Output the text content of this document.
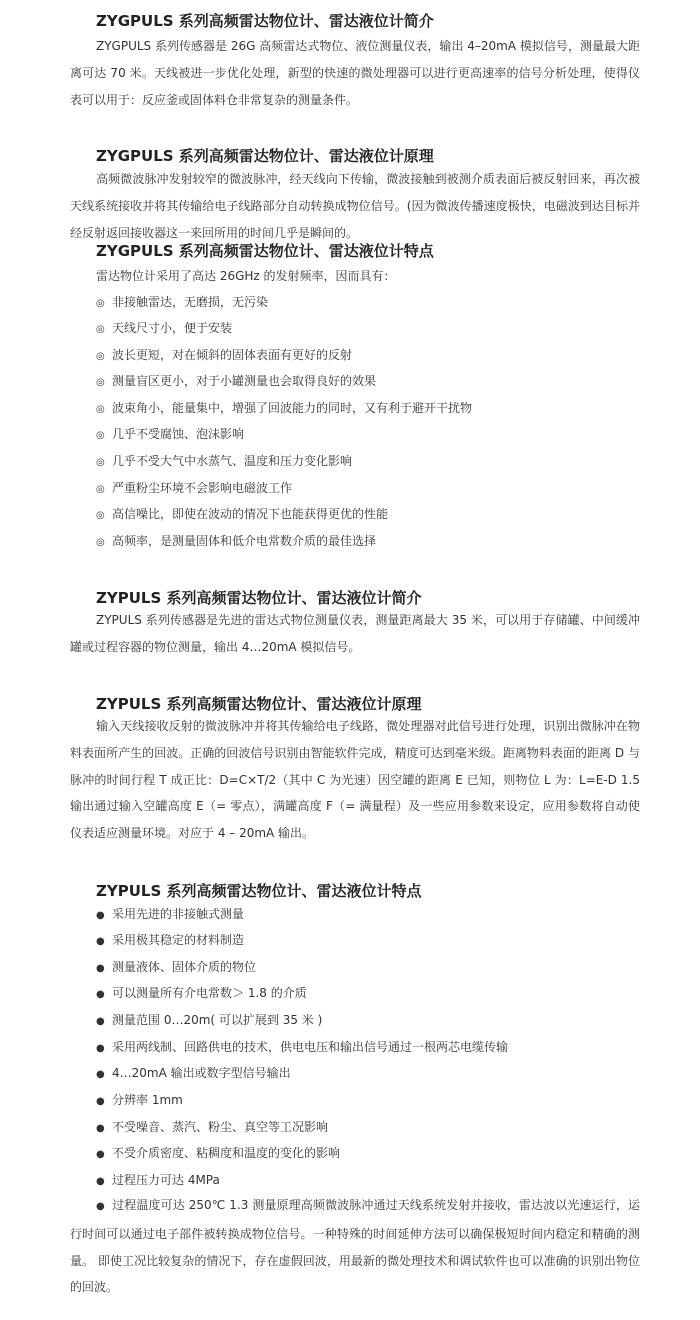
ZYGPULS 系列高频雷达物位计、雷达液位计简介
ZYGPULS 系列传感器是 26G 高频雷达式物位、液位测量仪表，输出 4–20mA 模拟信号，测量最大距离可达 70 米。天线被进一步优化处理，新型的快速的微处理器可以进行更高速率的信号分析处理，使得仪表可以用于：反应釜或固体料仓非常复杂的测量条件。
ZYGPULS 系列高频雷达物位计、雷达液位计原理
高频微波脉冲发射较窄的微波脉冲，经天线向下传输，微波接触到被测介质表面后被反射回来，再次被天线系统接收并将其传输给电子线路部分自动转换成物位信号。(因为微波传播速度极快，电磁波到达目标并经反射返回接收器这一来回所用的时间几乎是瞬间的。
ZYGPULS 系列高频雷达物位计、雷达液位计特点
雷达物位计采用了高达 26GHz 的发射频率，因而具有：
◎ 非接触雷达，无磨损，无污染
◎ 天线尺寸小，便于安装
◎ 波长更短，对在倾斜的固体表面有更好的反射
◎ 测量盲区更小，对于小罐测量也会取得良好的效果
◎ 波束角小，能量集中，增强了回波能力的同时，又有利于避开干扰物
◎ 几乎不受腐蚀、泡沫影响
◎ 几乎不受大气中水蒸气、温度和压力变化影响
◎ 严重粉尘环境不会影响电磁波工作
◎ 高信噪比，即使在波动的情况下也能获得更优的性能
◎ 高频率，是测量固体和低介电常数介质的最佳选择
ZYPULS 系列高频雷达物位计、雷达液位计简介
ZYPULS 系列传感器是先进的雷达式物位测量仪表，测量距离最大 35 米，可以用于存储罐、中间缓冲罐或过程容器的物位测量，输出 4…20mA 模拟信号。
ZYPULS 系列高频雷达物位计、雷达液位计原理
输入天线接收反射的微波脉冲并将其传输给电子线路，微处理器对此信号进行处理，识别出微脉冲在物料表面所产生的回波。正确的回波信号识别由智能软件完成，精度可达到毫米级。距离物料表面的距离 D 与脉冲的时间行程 T 成正比：D=C×T/2（其中 C 为光速）因空罐的距离 E 已知，则物位 L 为：L=E-D 1.5 输出通过输入空罐高度 E（= 零点），满罐高度 F（= 满量程）及一些应用参数来设定，应用参数将自动使仪表适应测量环境。对应于 4 – 20mA 输出。
ZYPULS 系列高频雷达物位计、雷达液位计特点
● 采用先进的非接触式测量
● 采用极其稳定的材料制造
● 测量液体、固体介质的物位
● 可以测量所有介电常数＞ 1.8 的介质
● 测量范围 0…20m( 可以扩展到 35 米 )
● 采用两线制、回路供电的技术，供电电压和输出信号通过一根两芯电缆传输
● 4…20mA 输出或数字型信号输出
● 分辨率 1mm
● 不受噪音、蒸汽、粉尘、真空等工况影响
● 不受介质密度、粘稠度和温度的变化的影响
● 过程压力可达 4MPa
● 过程温度可达 250℃ 1.3 测量原理高频微波脉冲通过天线系统发射并接收，雷达波以光速运行，运行时间可以通过电子部件被转换成物位信号。一种特殊的时间延伸方法可以确保极短时间内稳定和精确的测量。 即使工况比较复杂的情况下，存在虚假回波，用最新的微处理技术和调试软件也可以准确的识别出物位的回波。
